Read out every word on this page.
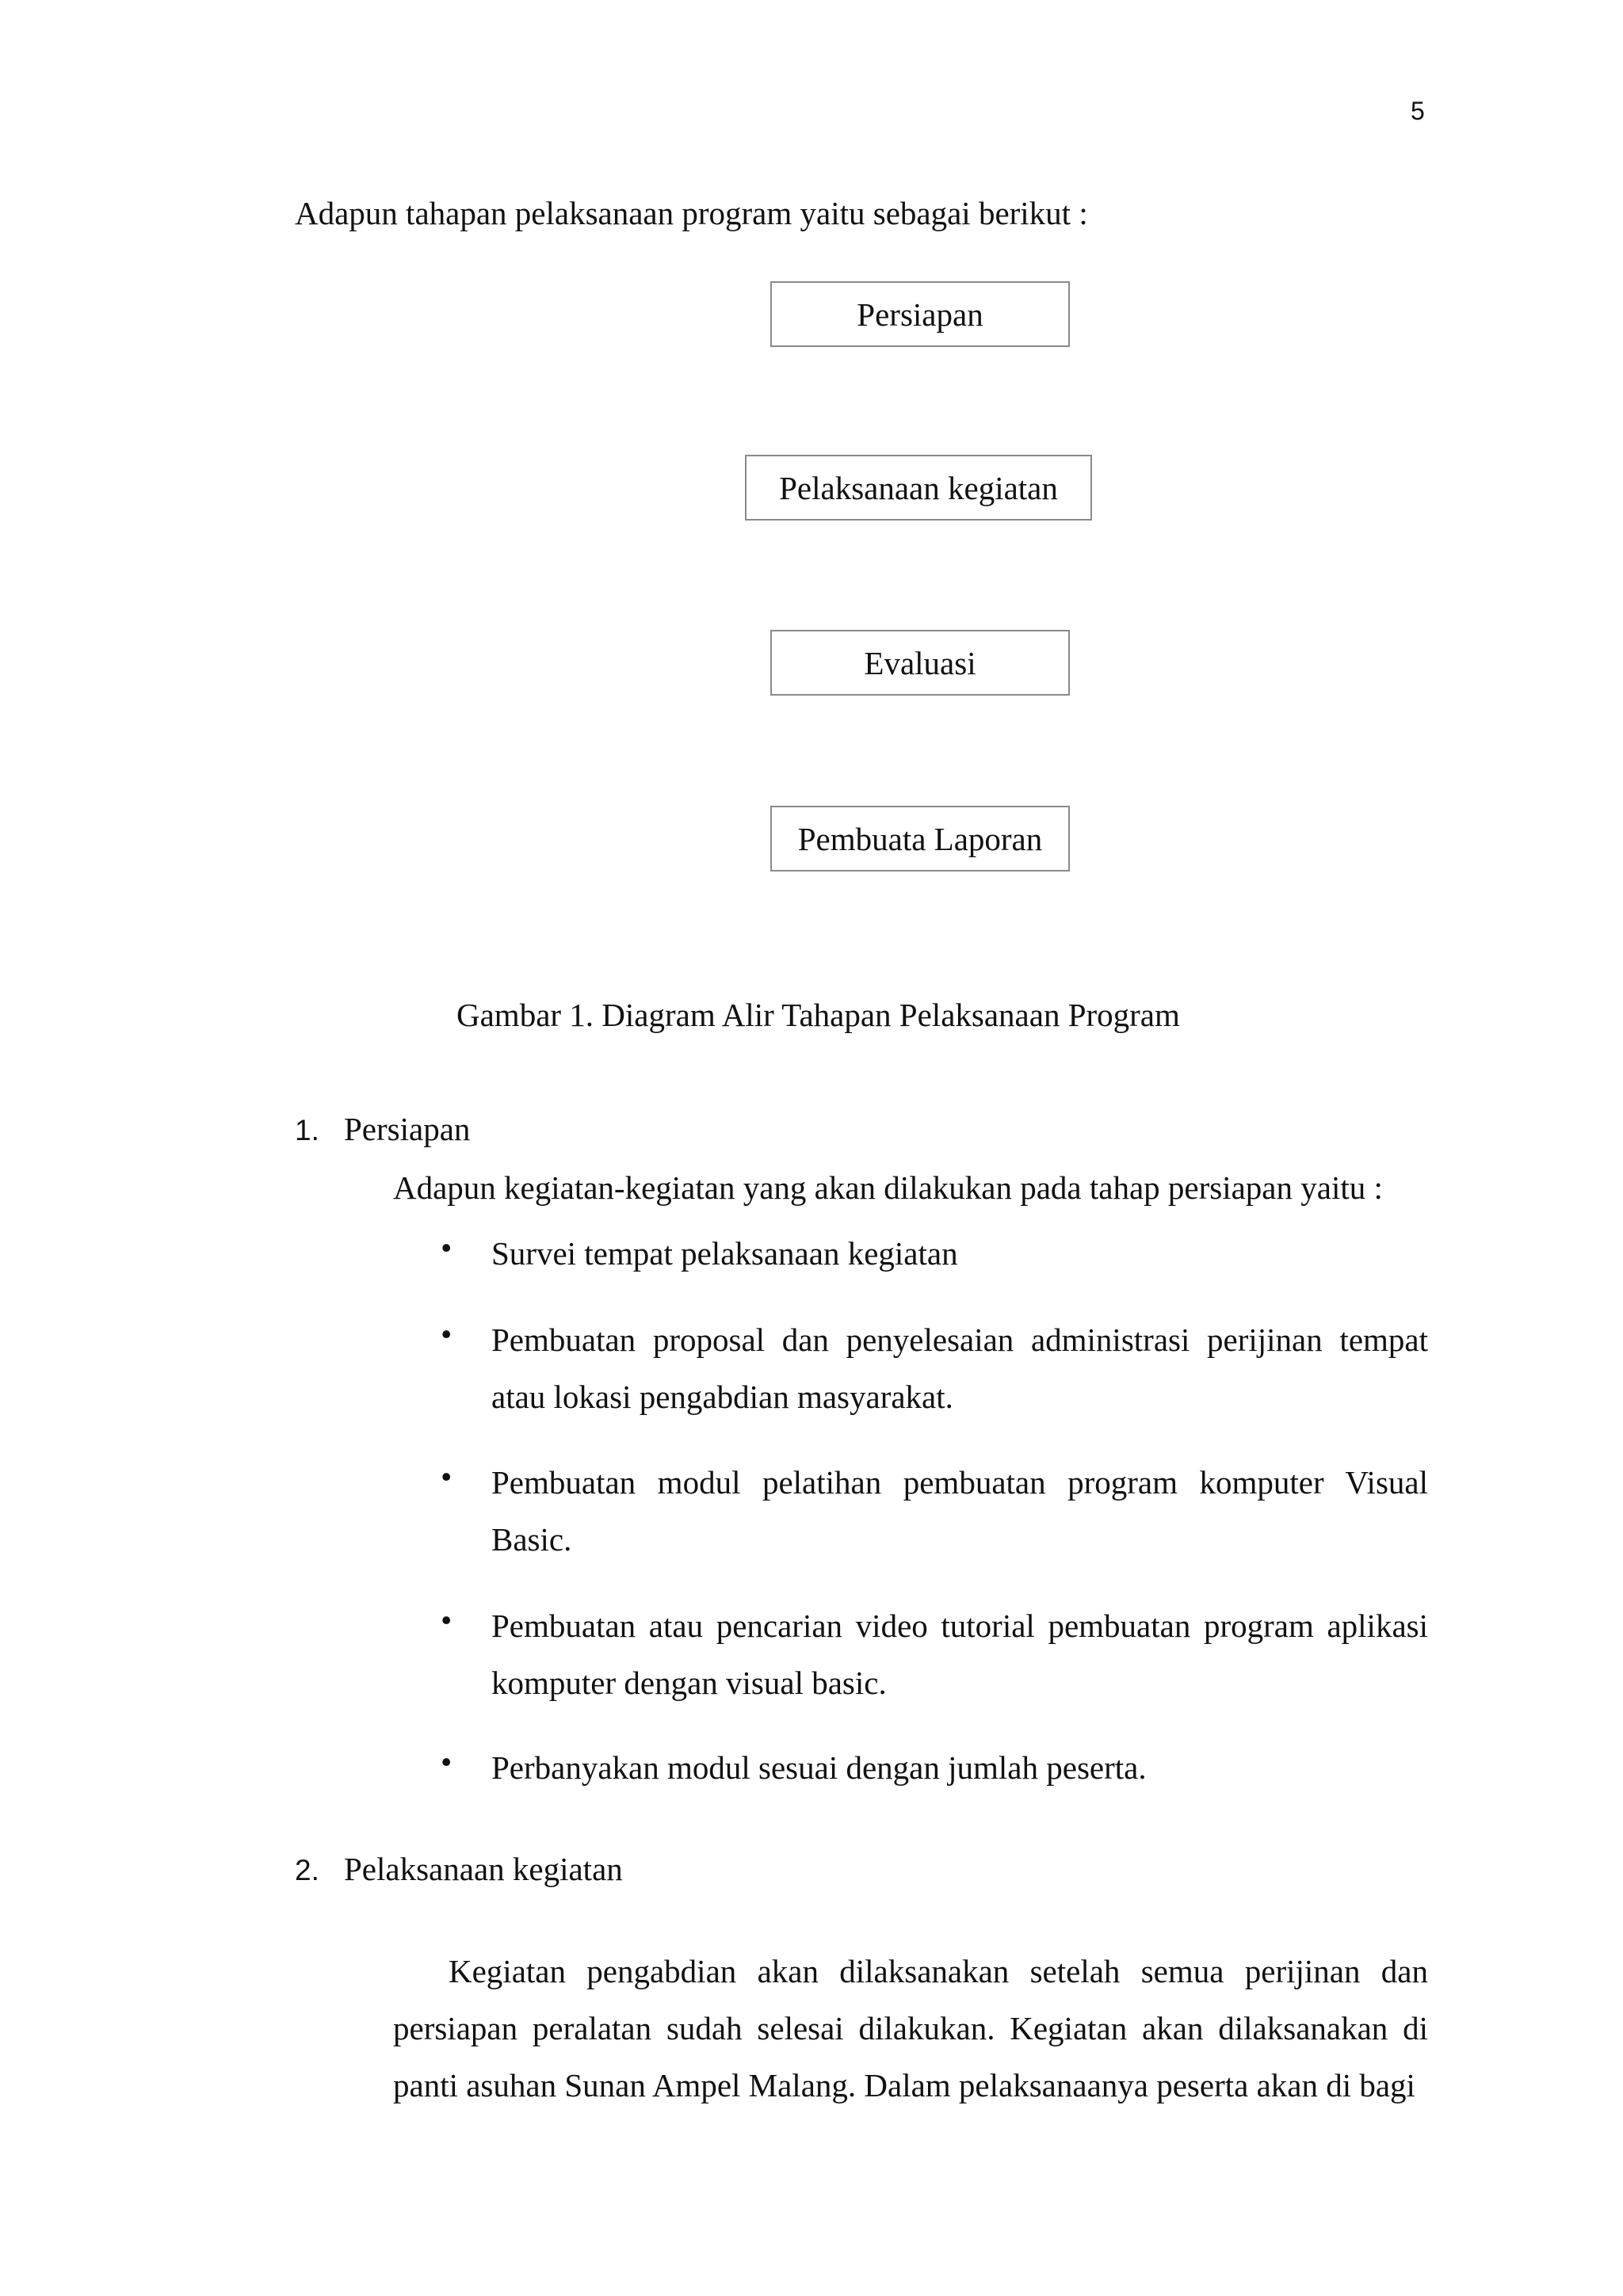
5
Adapun tahapan pelaksanaan program yaitu sebagai berikut :
Persiapan
Pelaksanaan kegiatan
Evaluasi
Pembuata Laporan
Gambar 1. Diagram Alir Tahapan Pelaksanaan Program
1. Persiapan
Adapun kegiatan-kegiatan yang akan dilakukan pada tahap persiapan yaitu :
• Survei tempat pelaksanaan kegiatan
• Pembuatan proposal dan penyelesaian administrasi perijinan tempat atau lokasi pengabdian masyarakat.
• Pembuatan modul pelatihan pembuatan program komputer Visual Basic.
• Pembuatan atau pencarian video tutorial pembuatan program aplikasi komputer dengan visual basic.
• Perbanyakan modul sesuai dengan jumlah peserta.
2. Pelaksanaan kegiatan
Kegiatan pengabdian akan dilaksanakan setelah semua perijinan dan persiapan peralatan sudah selesai dilakukan. Kegiatan akan dilaksanakan di panti asuhan Sunan Ampel Malang. Dalam pelaksanaanya peserta akan di bagi
